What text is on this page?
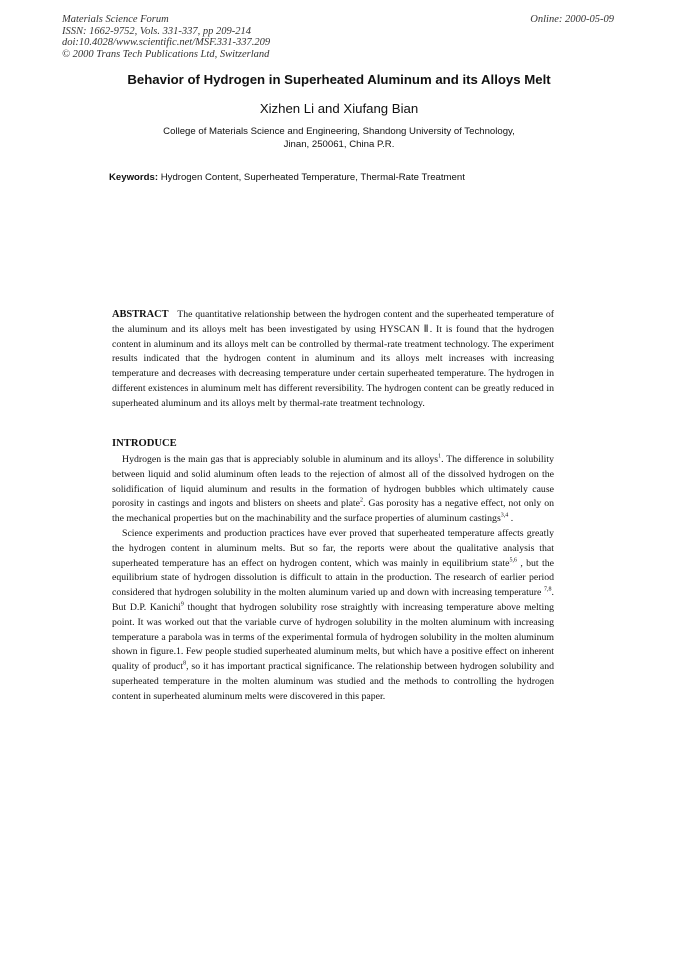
Materials Science Forum
ISSN: 1662-9752, Vols. 331-337, pp 209-214
doi:10.4028/www.scientific.net/MSF.331-337.209
© 2000 Trans Tech Publications Ltd, Switzerland
Online: 2000-05-09
Behavior of Hydrogen in Superheated Aluminum and its Alloys Melt
Xizhen Li and Xiufang Bian
College of Materials Science and Engineering, Shandong University of Technology,
Jinan, 250061, China P.R.
Keywords: Hydrogen Content, Superheated Temperature, Thermal-Rate Treatment
ABSTRACT The quantitative relationship between the hydrogen content and the superheated temperature of the aluminum and its alloys melt has been investigated by using HYSCAN Ⅱ. It is found that the hydrogen content in aluminum and its alloys melt can be controlled by thermal-rate treatment technology. The experiment results indicated that the hydrogen content in aluminum and its alloys melt increases with increasing temperature and decreases with decreasing temperature under certain superheated temperature. The hydrogen in different existences in aluminum melt has different reversibility. The hydrogen content can be greatly reduced in superheated aluminum and its alloys melt by thermal-rate treatment technology.
INTRODUCE

Hydrogen is the main gas that is appreciably soluble in aluminum and its alloys$^1$. The difference in solubility between liquid and solid aluminum often leads to the rejection of almost all of the dissolved hydrogen on the solidification of liquid aluminum and results in the formation of hydrogen bubbles which ultimately cause porosity in castings and ingots and blisters on sheets and plate$^2$. Gas porosity has a negative effect, not only on the mechanical properties but on the machinability and the surface properties of aluminum castings$^{3,4}$ .

Science experiments and production practices have ever proved that superheated temperature affects greatly the hydrogen content in aluminum melts. But so far, the reports were about the qualitative analysis that superheated temperature has an effect on hydrogen content, which was mainly in equilibrium state$^{5,6}$ , but the equilibrium state of hydrogen dissolution is difficult to attain in the production. The research of earlier period considered that hydrogen solubility in the molten aluminum varied up and down with increasing temperature $^{7,8}$. But D.P. Kanichi$^9$ thought that hydrogen solubility rose straightly with increasing temperature above melting point. It was worked out that the variable curve of hydrogen solubility in the molten aluminum with increasing temperature a parabola was in terms of the experimental formula of hydrogen solubility in the molten aluminum shown in figure.1. Few people studied superheated aluminum melts, but which have a positive effect on inherent quality of product$^8$, so it has important practical significance. The relationship between hydrogen solubility and superheated temperature in the molten aluminum was studied and the methods to controlling the hydrogen content in superheated aluminum melts were discovered in this paper.
